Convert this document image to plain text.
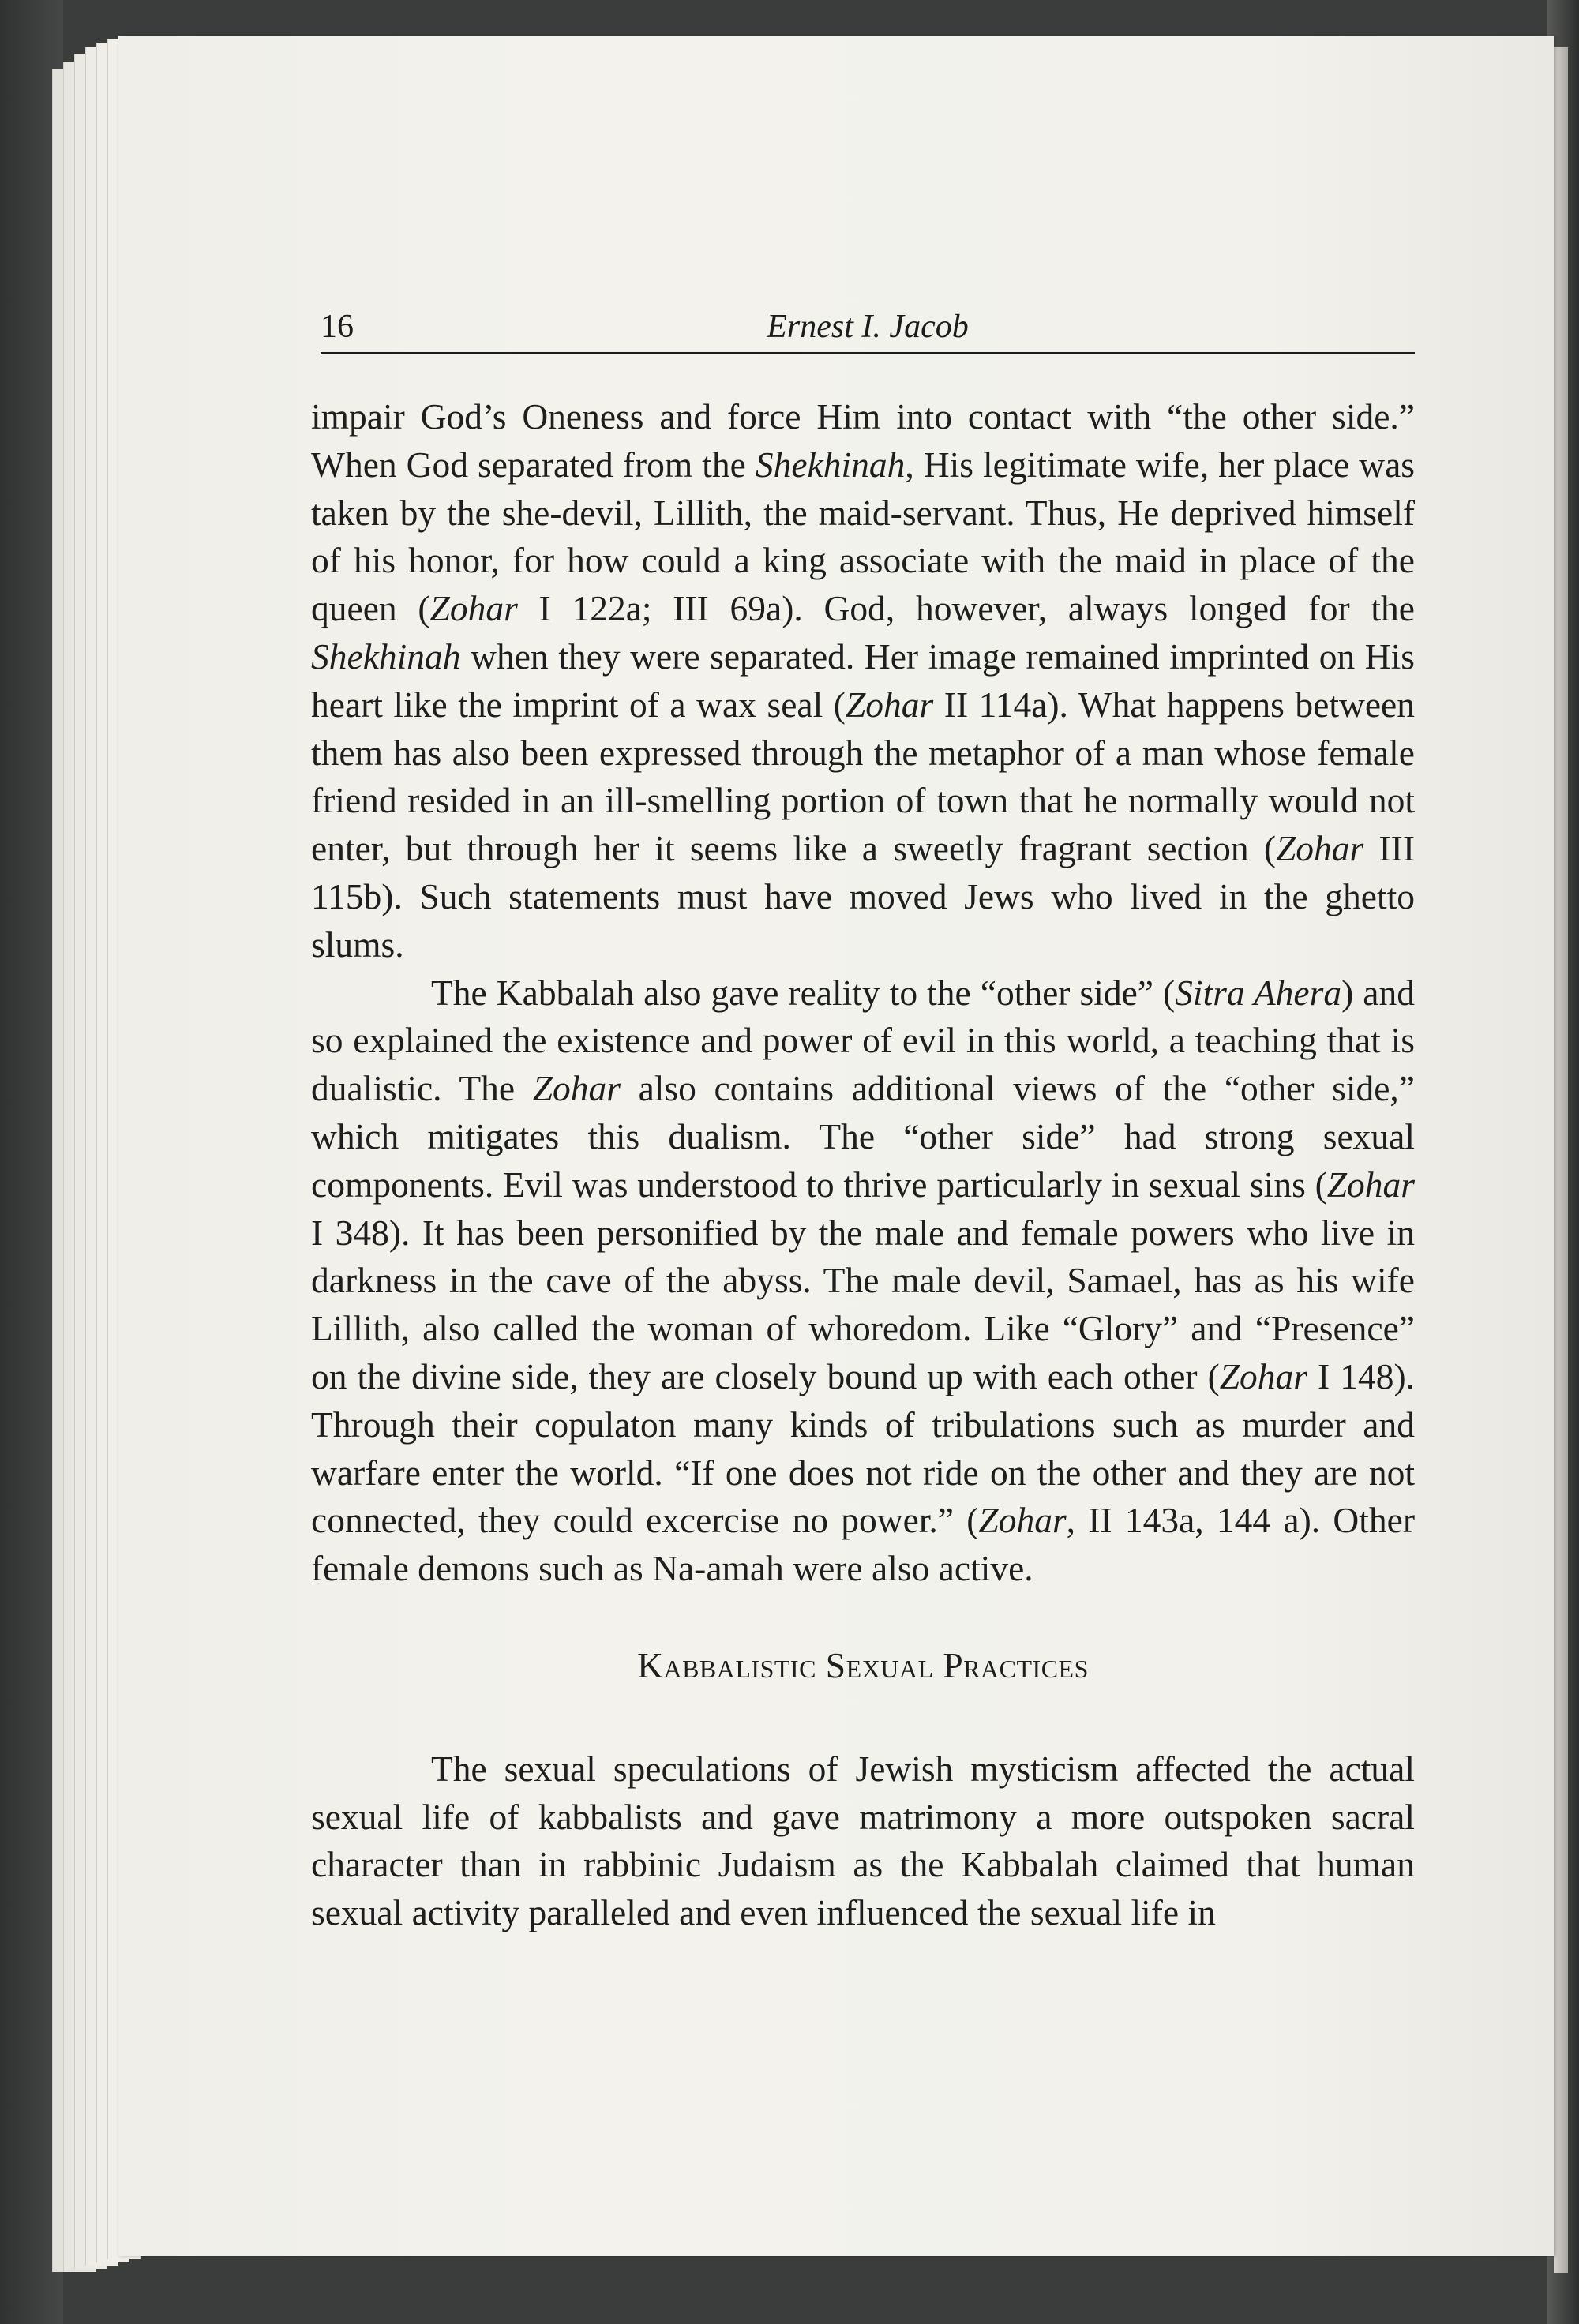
16	Ernest I. Jacob

impair God’s Oneness and force Him into contact with “the other side.” When God separated from the Shekhinah, His legitimate wife, her place was taken by the she-devil, Lillith, the maid-servant. Thus, He deprived himself of his honor, for how could a king associate with the maid in place of the queen (Zohar I 122a; III 69a). God, however, always longed for the Shekhinah when they were separated. Her image remained imprinted on His heart like the imprint of a wax seal (Zohar II 114a). What happens between them has also been expressed through the metaphor of a man whose female friend resided in an ill-smelling portion of town that he normally would not enter, but through her it seems like a sweetly fragrant section (Zohar III 115b). Such statements must have moved Jews who lived in the ghetto slums.

The Kabbalah also gave reality to the “other side” (Sitra Ahera) and so explained the existence and power of evil in this world, a teaching that is dualistic. The Zohar also contains additional views of the “other side,” which mitigates this dualism. The “other side” had strong sexual components. Evil was understood to thrive particularly in sexual sins (Zohar I 348). It has been personified by the male and female powers who live in darkness in the cave of the abyss. The male devil, Samael, has as his wife Lillith, also called the woman of whoredom. Like “Glory” and “Presence” on the divine side, they are closely bound up with each other (Zohar I 148). Through their copulaton many kinds of tribulations such as murder and warfare enter the world. “If one does not ride on the other and they are not connected, they could excercise no power.” (Zohar, II 143a, 144 a). Other female demons such as Na-amah were also active.

Kabbalistic Sexual Practices

The sexual speculations of Jewish mysticism affected the actual sexual life of kabbalists and gave matrimony a more outspoken sacral character than in rabbinic Judaism as the Kabbalah claimed that human sexual activity paralleled and even influenced the sexual life in
